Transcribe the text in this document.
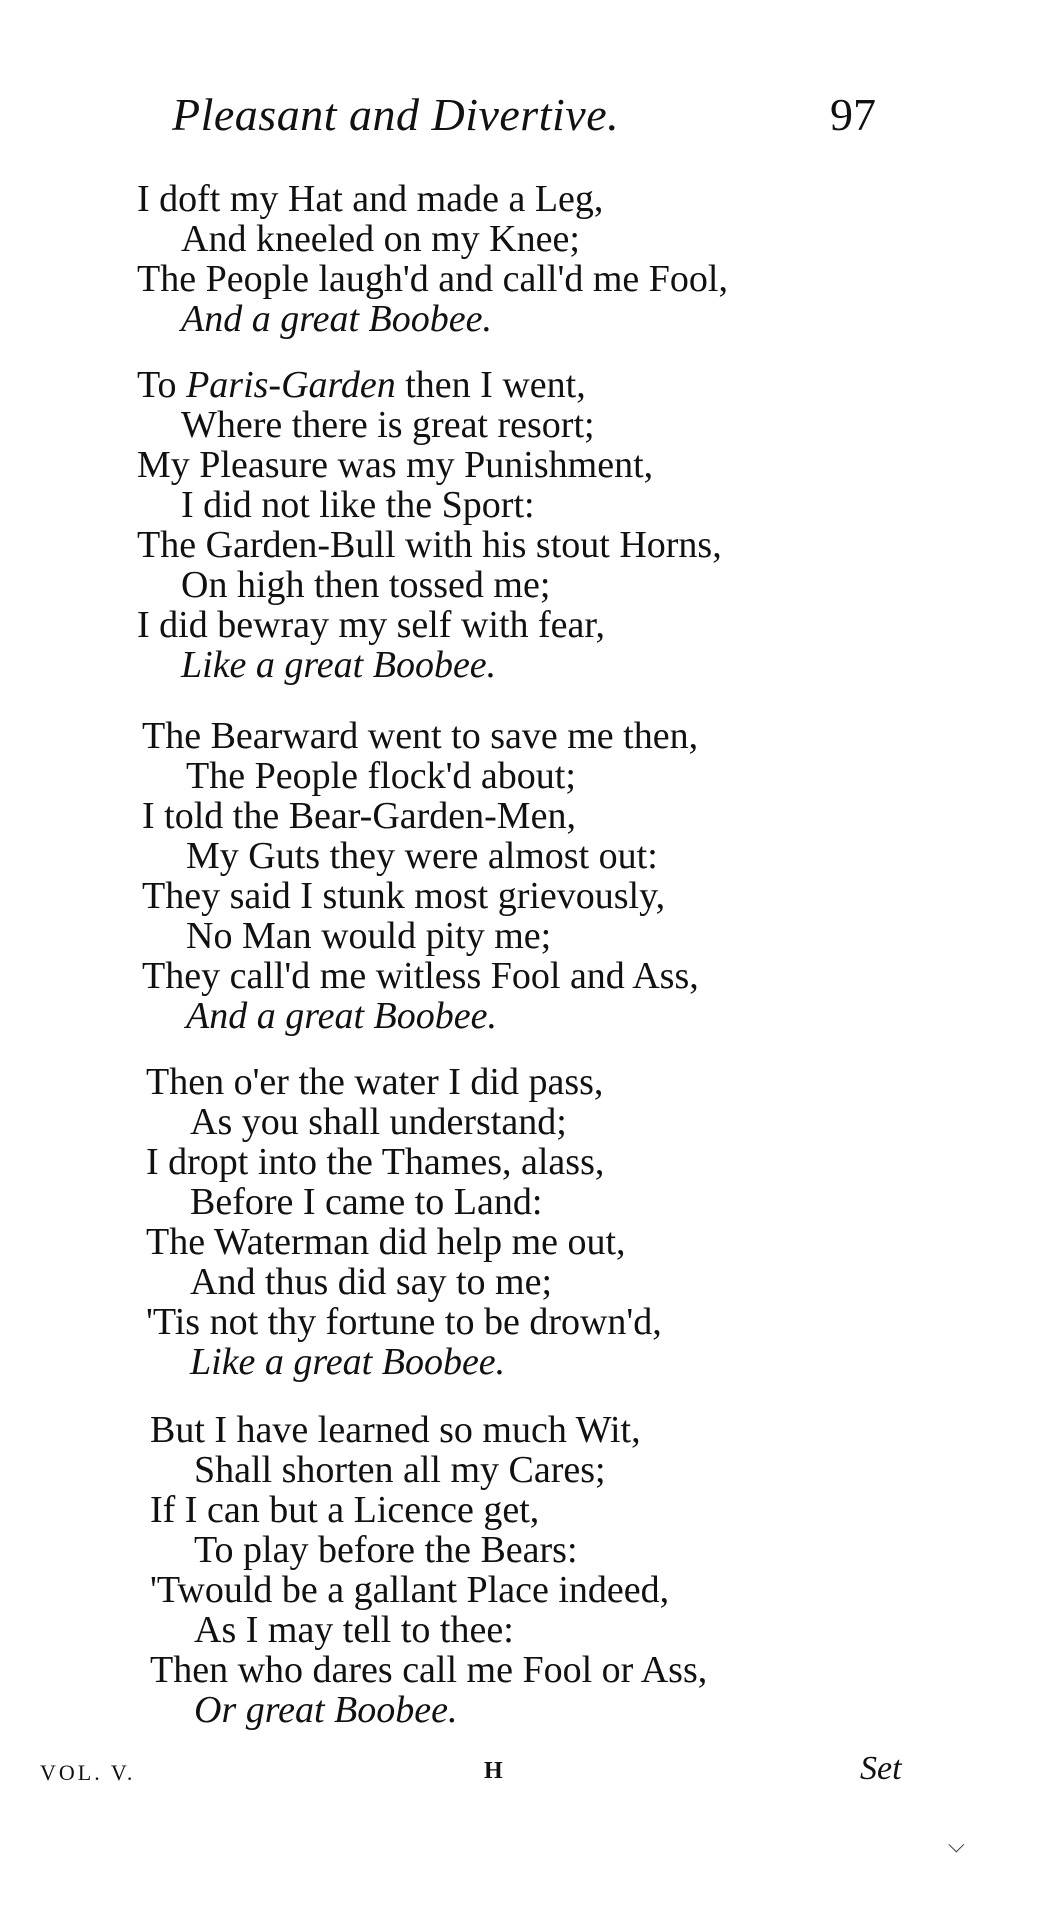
Pleasant and Divertive.	97
I doft my Hat and made a Leg,
And kneeled on my Knee;
The People laugh'd and call'd me Fool,
And a great Boobee.
To Paris-Garden then I went,
Where there is great resort;
My Pleasure was my Punishment,
I did not like the Sport:
The Garden-Bull with his stout Horns,
On high then tossed me;
I did bewray my self with fear,
Like a great Boobee.
The Bearward went to save me then,
The People flock'd about;
I told the Bear-Garden-Men,
My Guts they were almost out:
They said I stunk most grievously,
No Man would pity me;
They call'd me witless Fool and Ass,
And a great Boobee.
Then o'er the water I did pass,
As you shall understand;
I dropt into the Thames, alass,
Before I came to Land:
The Waterman did help me out,
And thus did say to me;
'Tis not thy fortune to be drown'd,
Like a great Boobee.
But I have learned so much Wit,
Shall shorten all my Cares;
If I can but a Licence get,
To play before the Bears:
'Twould be a gallant Place indeed,
As I may tell to thee:
Then who dares call me Fool or Ass,
Or great Boobee.
VOL. V.	H	Set
⌵
